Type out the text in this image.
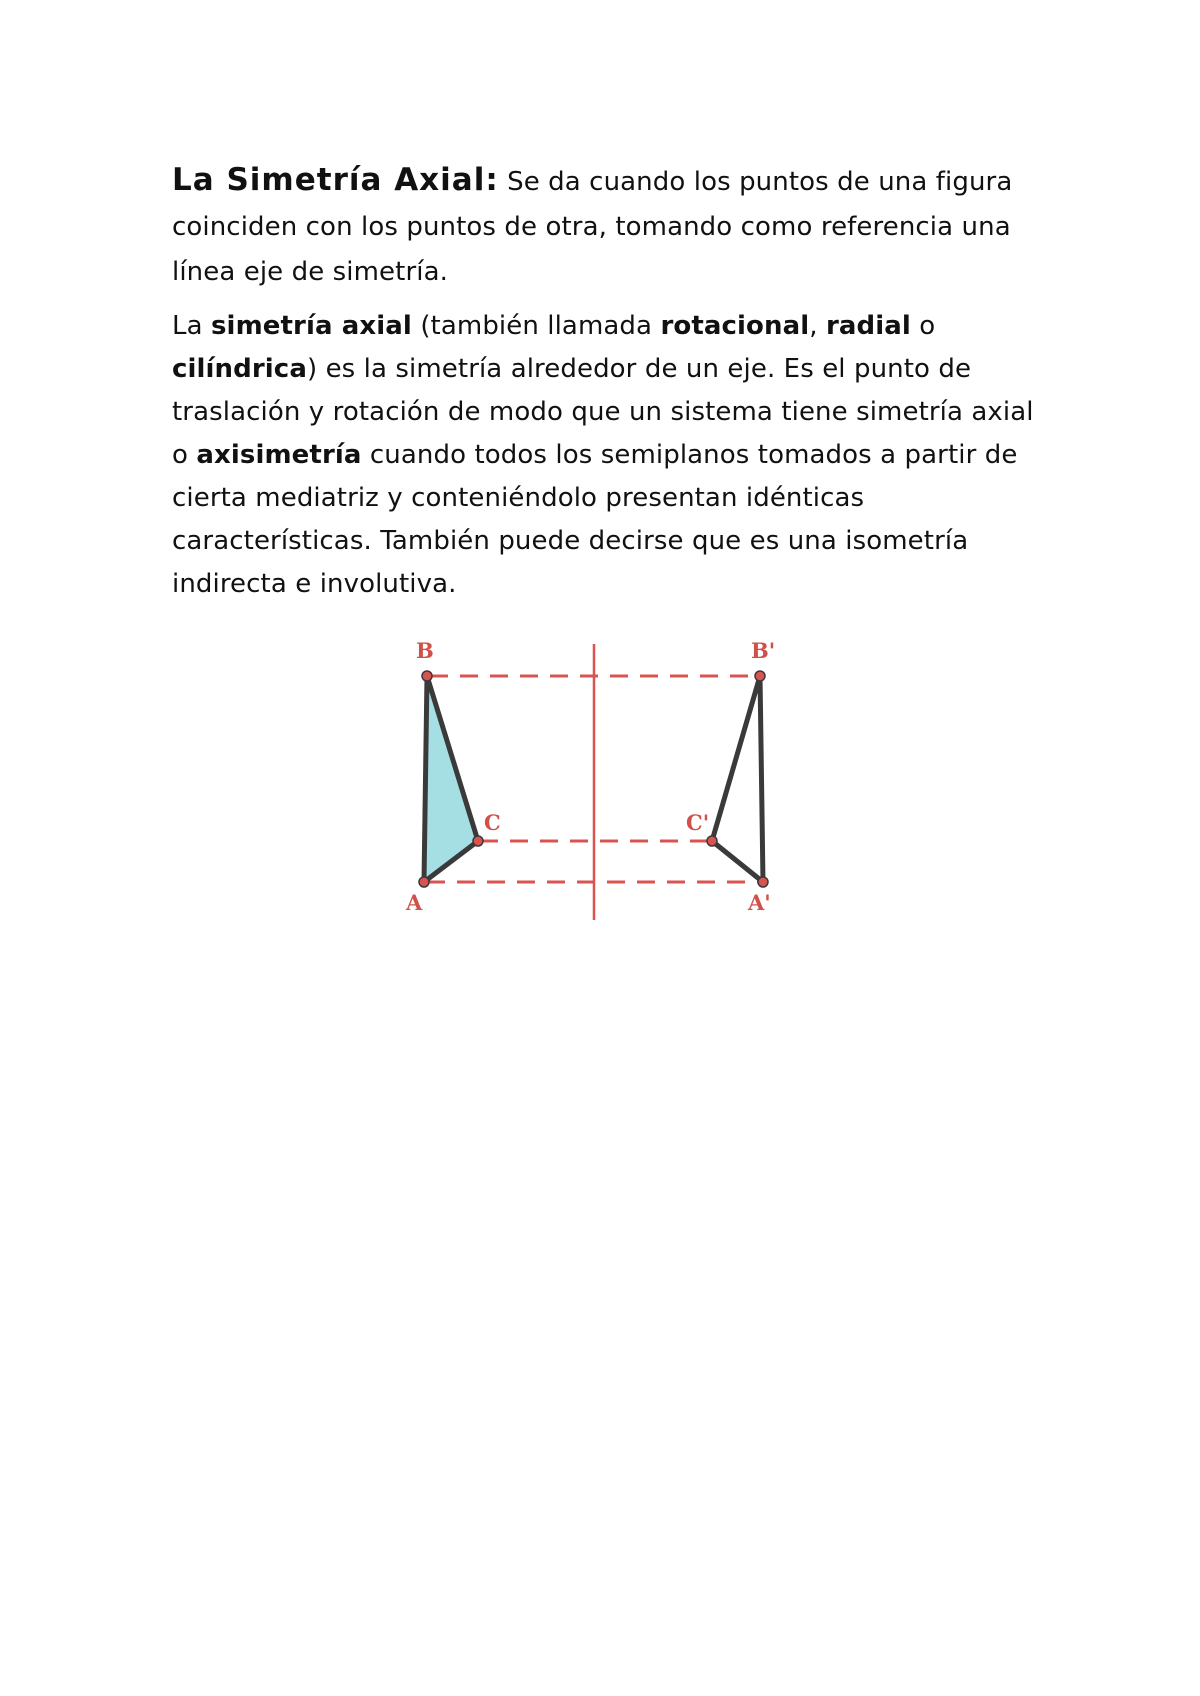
La Simetría Axial: Se da cuando los puntos de una figura coinciden con los puntos de otra, tomando como referencia una línea eje de simetría.

La simetría axial (también llamada rotacional, radial o cilíndrica) es la simetría alrededor de un eje. Es el punto de traslación y rotación de modo que un sistema tiene simetría axial o axisimetría cuando todos los semiplanos tomados a partir de cierta mediatriz y conteniéndolo presentan idénticas características. También puede decirse que es una isometría indirecta e involutiva.

B	B'
C	C'
A	A'
